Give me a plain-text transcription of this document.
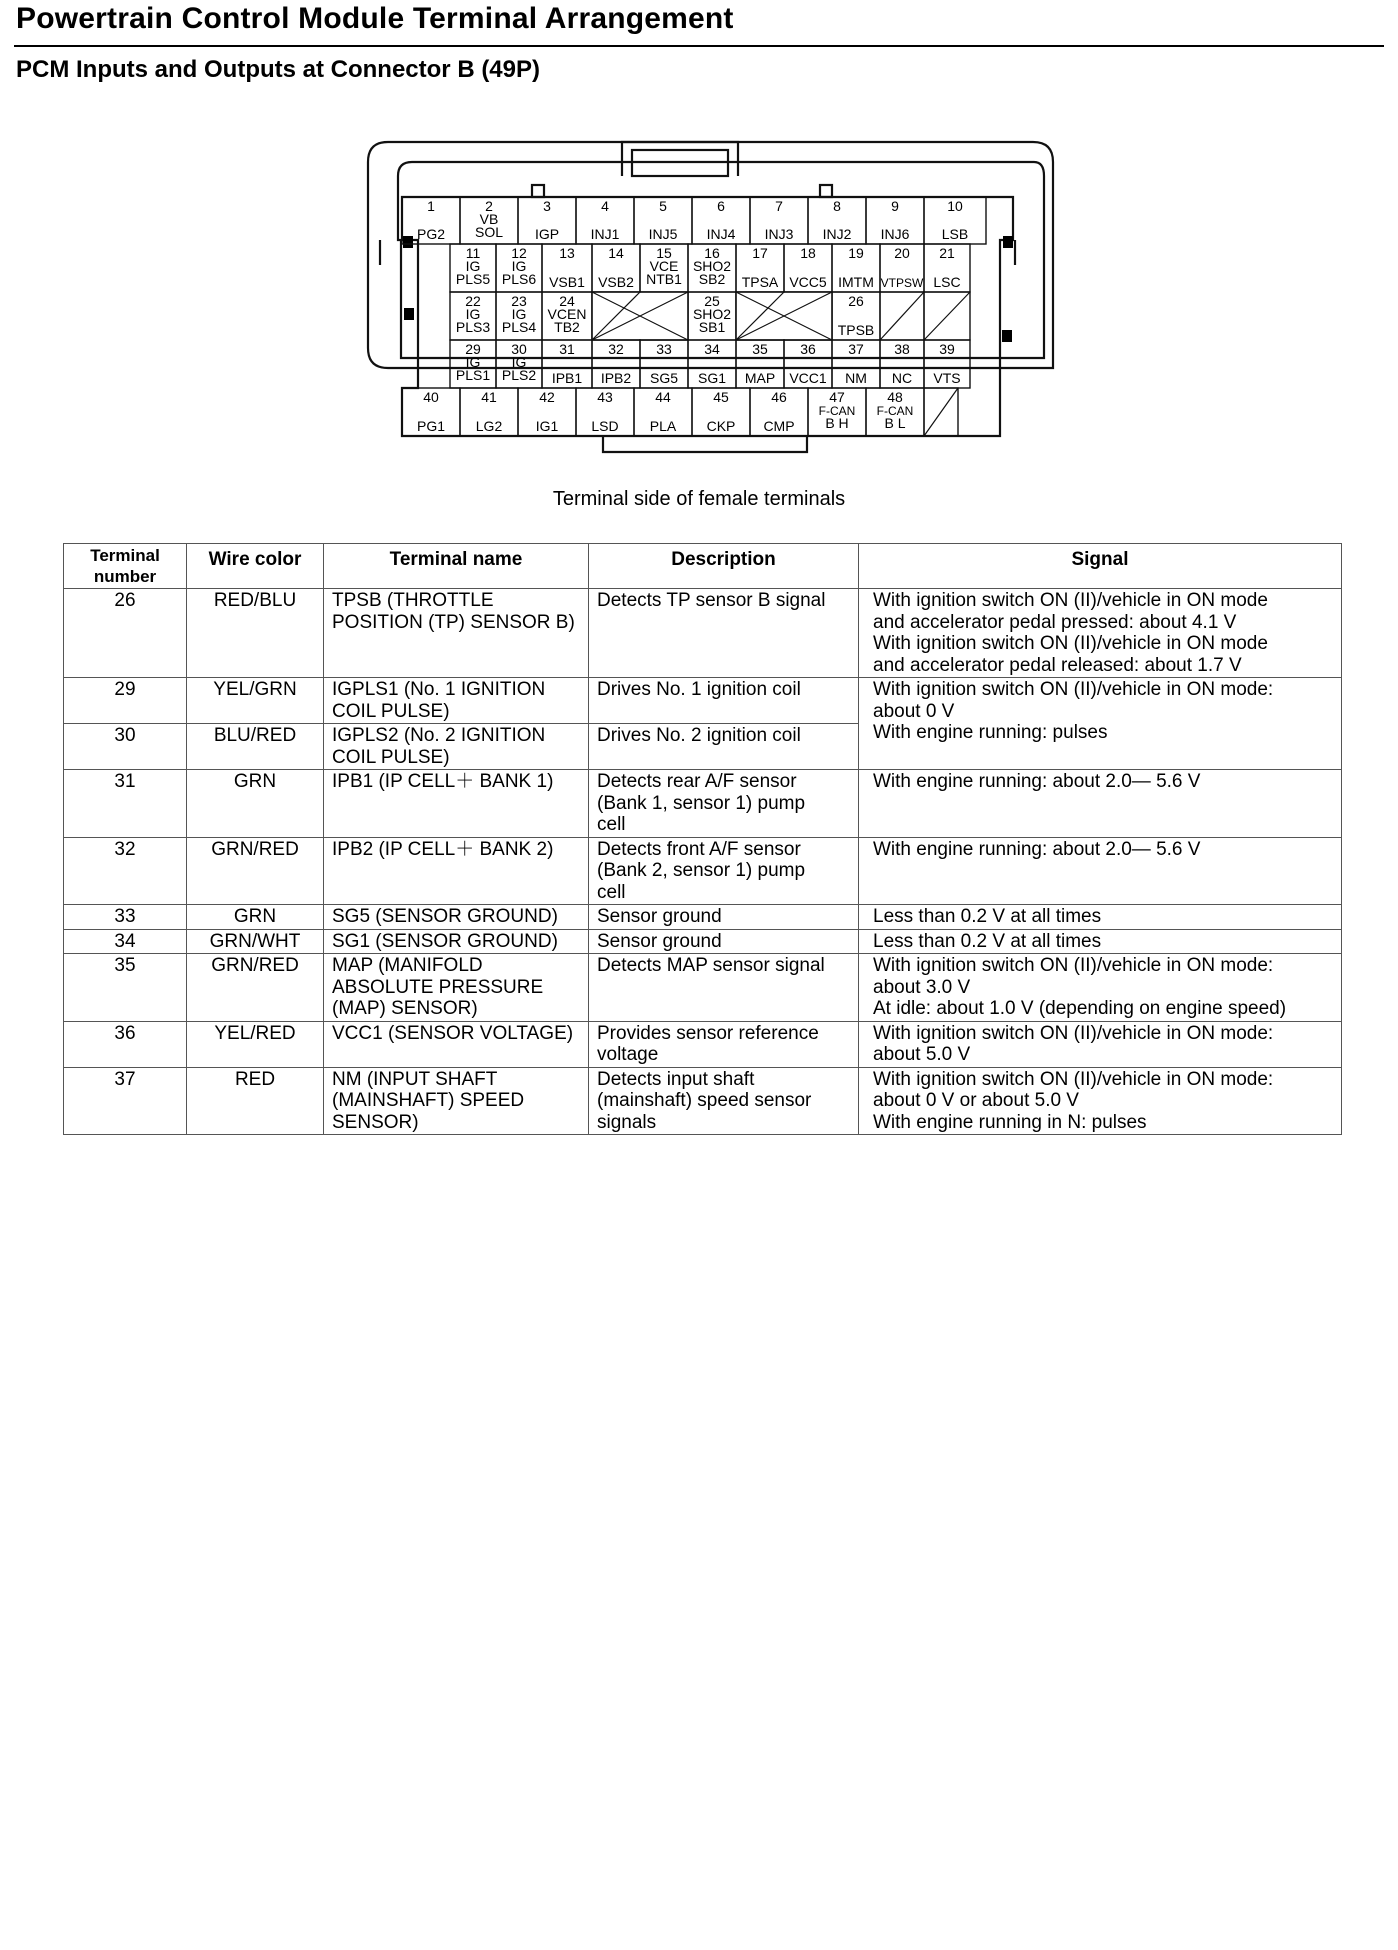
Powertrain Control Module Terminal Arrangement
PCM Inputs and Outputs at Connector B (49P)
1
PG2
2
VB
SOL
3
IGP
4
INJ1
5
INJ5
6
INJ4
7
INJ3
8
INJ2
9
INJ6
10
LSB
11
IG
PLS5
12
IG
PLS6
13
VSB1
14
VSB2
15
VCE
NTB1
16
SHO2
SB2
17
TPSA
18
VCC5
19
IMTM
20
VTPSW
21
LSC
22
IG
PLS3
23
IG
PLS4
24
VCEN
TB2
25
SHO2
SB1
26
TPSB
29
IG
PLS1
30
IG
PLS2
31
IPB1
32
IPB2
33
SG5
34
SG1
35
MAP
36
VCC1
37
NM
38
NC
39
VTS
40
PG1
41
LG2
42
IG1
43
LSD
44
PLA
45
CKP
46
CMP
47
F-CAN
B H
48
F-CAN
B L
Terminal side of female terminals
Terminal
number	Wire color	Terminal name	Description	Signal
26	RED/BLU	TPSB (THROTTLE
POSITION (TP) SENSOR B)	Detects TP sensor B signal	With ignition switch ON (II)/vehicle in ON mode
and accelerator pedal pressed: about 4.1 V
With ignition switch ON (II)/vehicle in ON mode
and accelerator pedal released: about 1.7 V

29	YEL/GRN	IGPLS1 (No. 1 IGNITION
COIL PULSE)	Drives No. 1 ignition coil	With ignition switch ON (II)/vehicle in ON mode:
about 0 V
With engine running: pulses

30	BLU/RED	IGPLS2 (No. 2 IGNITION
COIL PULSE)	Drives No. 2 ignition coil	

31	GRN	IPB1 (IP CELL＋ BANK 1)	Detects rear A/F sensor
(Bank 1, sensor 1) pump
cell	With engine running: about 2.0— 5.6 V

32	GRN/RED	IPB2 (IP CELL＋ BANK 2)	Detects front A/F sensor
(Bank 2, sensor 1) pump
cell	With engine running: about 2.0— 5.6 V

33	GRN	SG5 (SENSOR GROUND)	Sensor ground	Less than 0.2 V at all times

34	GRN/WHT	SG1 (SENSOR GROUND)	Sensor ground	Less than 0.2 V at all times

35	GRN/RED	MAP (MANIFOLD
ABSOLUTE PRESSURE
(MAP) SENSOR)	Detects MAP sensor signal	With ignition switch ON (II)/vehicle in ON mode:
about 3.0 V
At idle: about 1.0 V (depending on engine speed)

36	YEL/RED	VCC1 (SENSOR VOLTAGE)	Provides sensor reference
voltage	With ignition switch ON (II)/vehicle in ON mode:
about 5.0 V

37	RED	NM (INPUT SHAFT
(MAINSHAFT) SPEED
SENSOR)	Detects input shaft
(mainshaft) speed sensor
signals	With ignition switch ON (II)/vehicle in ON mode:
about 0 V or about 5.0 V
With engine running in N: pulses
